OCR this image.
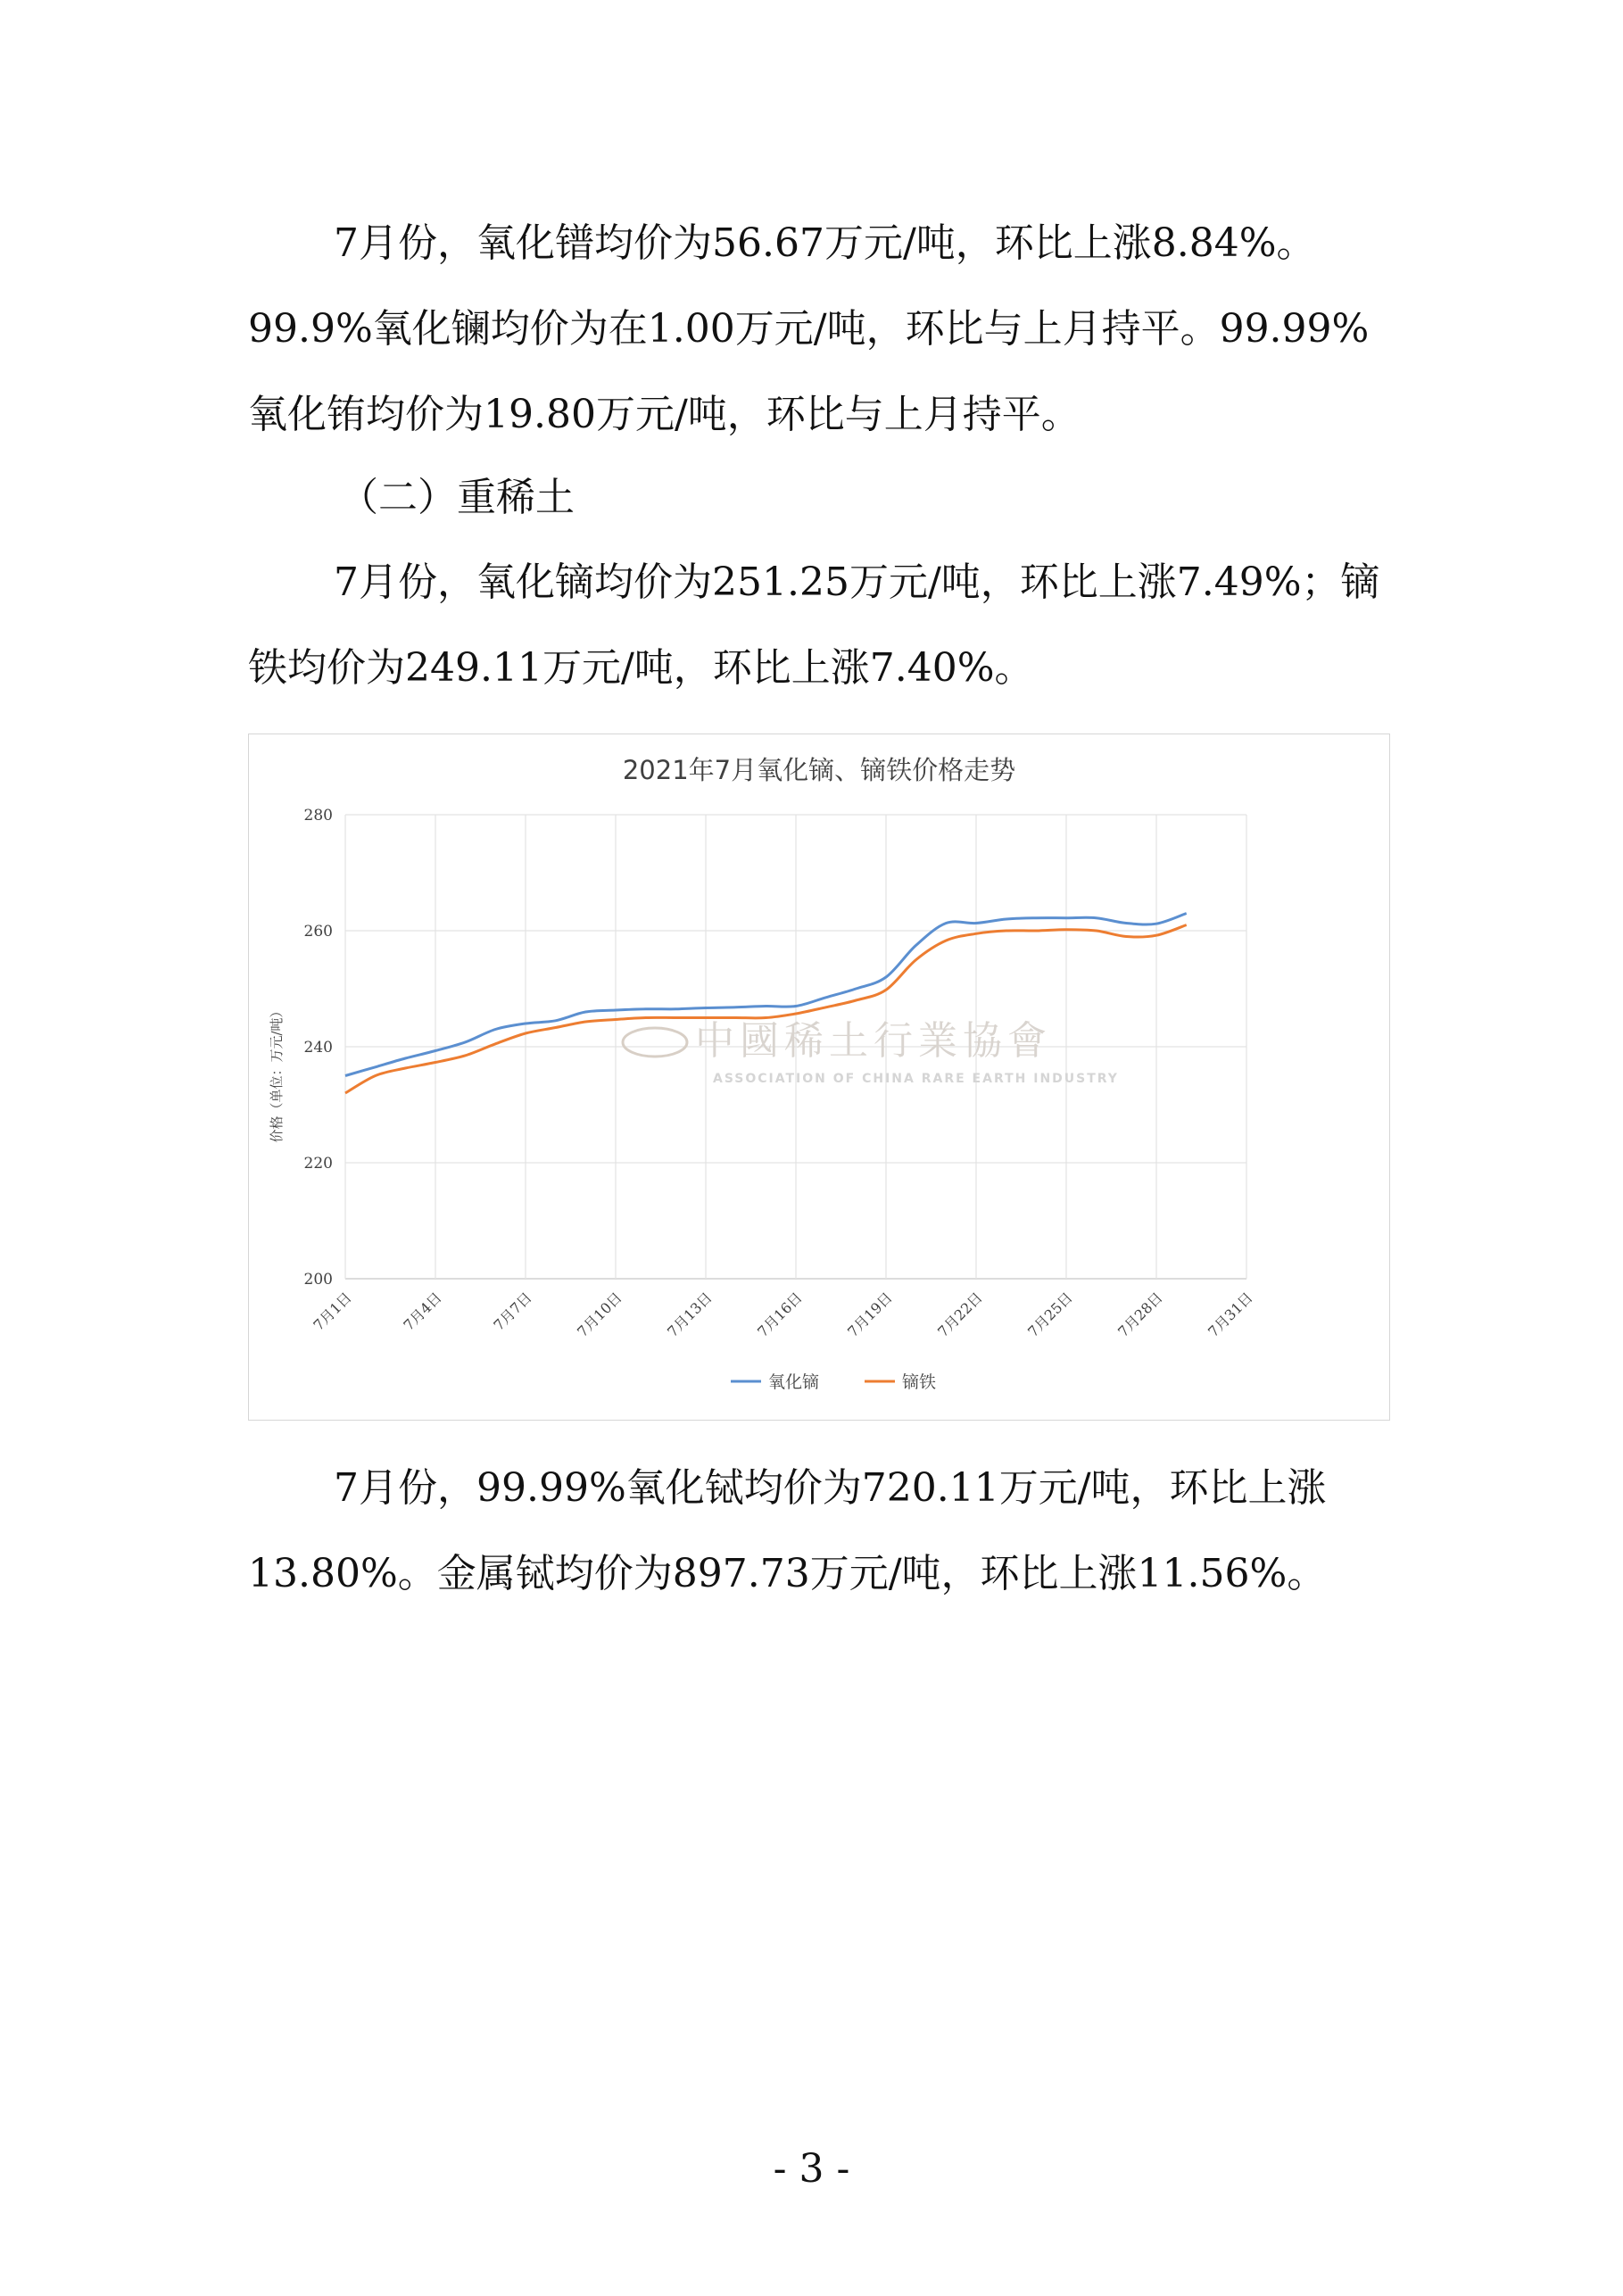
7月份，氧化镨均价为56.67万元/吨，环比上涨8.84%。99.9%氧化镧均价为在1.00万元/吨，环比与上月持平。99.99%氧化铕均价为19.80万元/吨，环比与上月持平。

（二）重稀土

7月份，氧化镝均价为251.25万元/吨，环比上涨7.49%；镝铁均价为249.11万元/吨，环比上涨7.40%。

2021年7月氧化镝、镝铁价格走势
中國稀土行業協會
ASSOCIATION OF CHINA RARE EARTH INDUSTRY
200
220
240
260
280
7月1日	7月4日	7月7日	7月10日	7月13日	7月16日	7月19日	7月22日	7月25日	7月28日	7月31日
价格（单位：万元/吨）
氧化镝	镝铁

7月份，99.99%氧化铽均价为720.11万元/吨，环比上涨13.80%。金属铽均价为897.73万元/吨，环比上涨11.56%。

- 3 -
